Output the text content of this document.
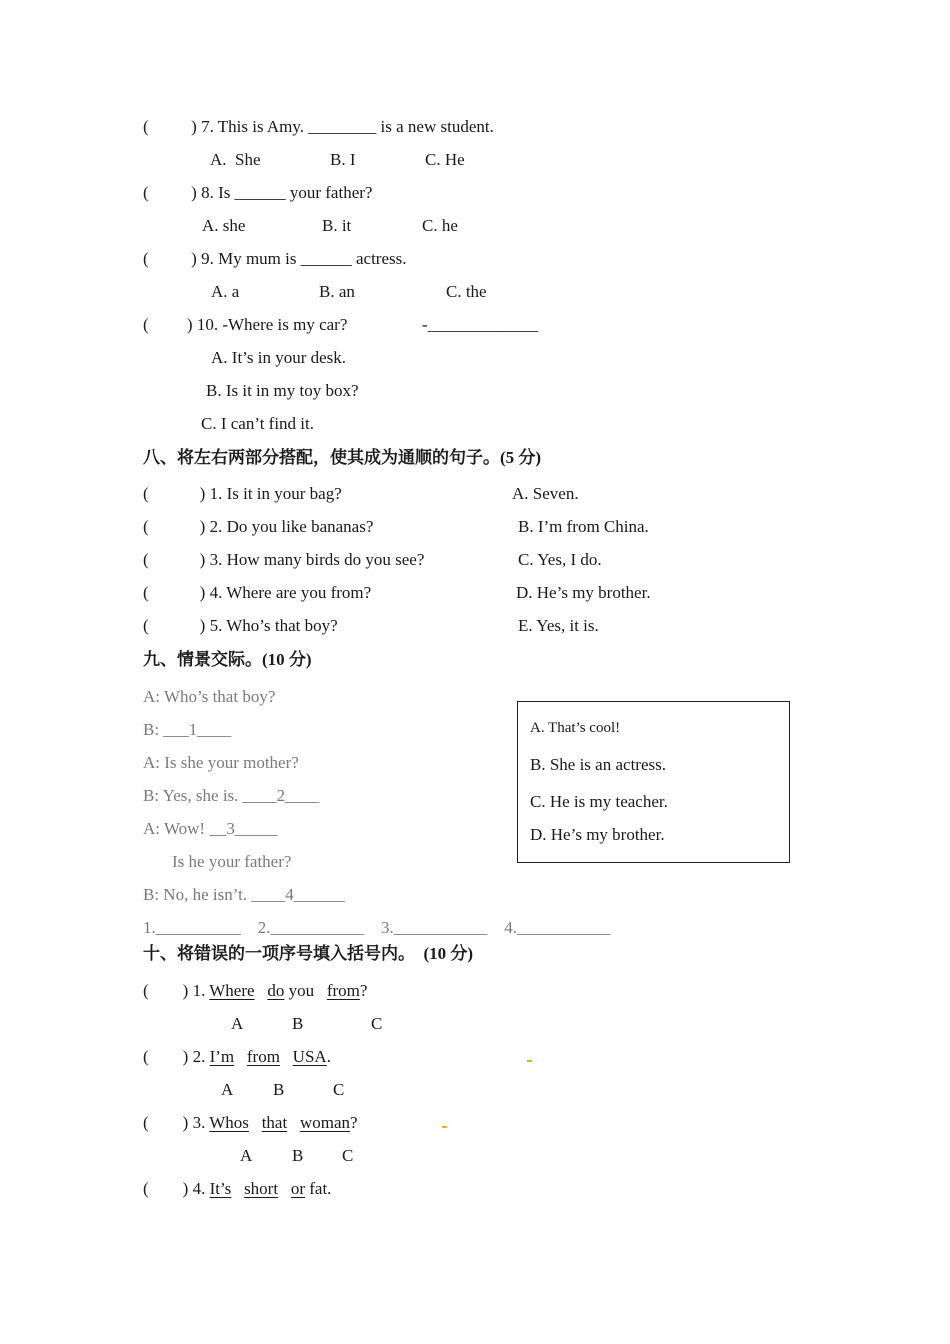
(          ) 7. This is Amy. ________ is a new student.
A.  She	B. I	C. He
(          ) 8. Is ______ your father?
A. she	B. it	C. he
(          ) 9. My mum is ______ actress.
A. a	B. an	C. the
(         ) 10. -Where is my car?	-_____________
A. It’s in your desk.
B. Is it in my toy box?
C. I can’t find it.
八、将左右两部分搭配，使其成为通顺的句子。(5 分)
(            ) 1. Is it in your bag?	A. Seven.
(            ) 2. Do you like bananas?	B. I’m from China.
(            ) 3. How many birds do you see?	C. Yes, I do.
(            ) 4. Where are you from?	D. He’s my brother.
(            ) 5. Who’s that boy?	E. Yes, it is.
九、情景交际。(10 分)
A: Who’s that boy?
B: ___1____
A: Is she your mother?
B: Yes, she is. ____2____
A: Wow! __3_____
Is he your father?
B: No, he isn’t. ____4______
1.__________    2.___________    3.___________    4.___________
A. That’s cool!
B. She is an actress.
C. He is my teacher.
D. He’s my brother.
十、将错误的一项序号填入括号内。  (10 分)
(        ) 1. Where do you from?
A	B	C
(        ) 2. I’m from USA.
A B	C
(        ) 3. Whos that woman?
A B C
(        ) 4. It’s short or fat.
